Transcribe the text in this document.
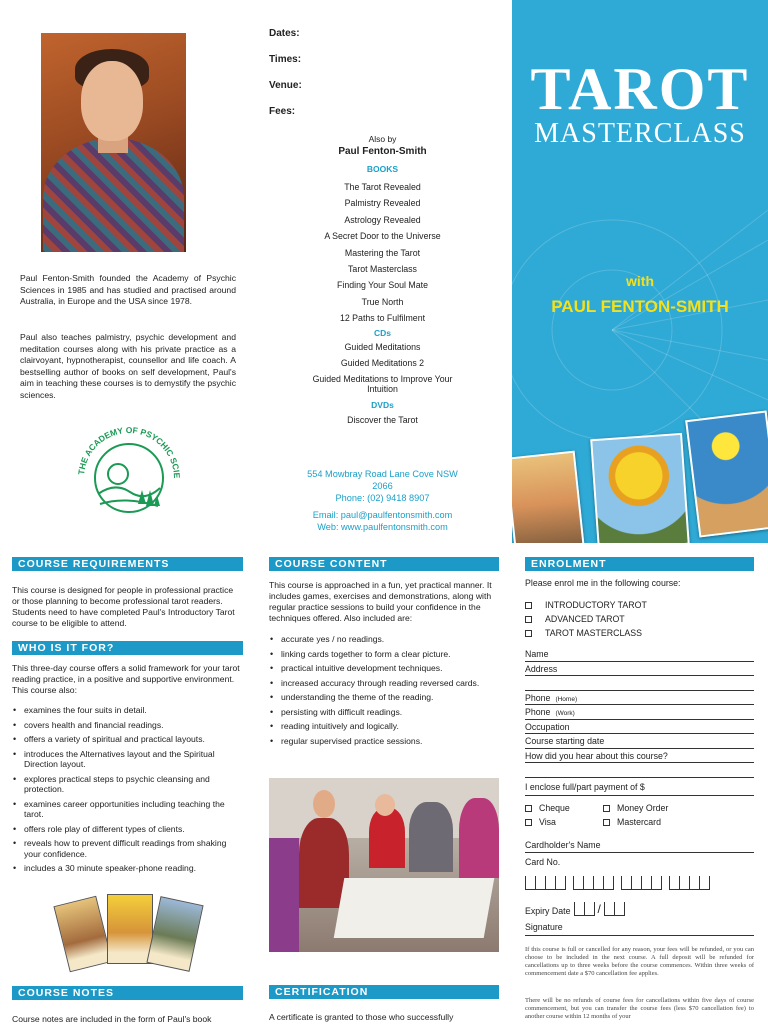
Paul Fenton-Smith founded the Academy of Psychic Sciences in 1985 and has studied and practised around Australia, in Europe and the USA since 1978.

Paul also teaches palmistry, psychic development and meditation courses along with his private practice as a clairvoyant, hypnotherapist, counsellor and life coach. A bestselling author of books on self development, Paul's aim in teaching these courses is to demystify the psychic sciences.

THE ACADEMY OF PSYCHIC SCIE
Dates:
Times:
Venue:
Fees:
Also by
Paul Fenton-Smith
BOOKS
The Tarot Revealed
Palmistry Revealed
Astrology Revealed
A Secret Door to the Universe
Mastering the Tarot
Tarot Masterclass
Finding Your Soul Mate
True North
12 Paths to Fulfilment
CDs
Guided Meditations
Guided Meditations 2
Guided Meditations to Improve Your Intuition
DVDs
Discover the Tarot
554 Mowbray Road Lane Cove NSW 2066
Phone: (02) 9418 8907
Email: paul@paulfentonsmith.com
Web: www.paulfentonsmith.com
TAROT
MASTERCLASS
with
PAUL FENTON-SMITH
COURSE REQUIREMENTS

This course is designed for people in professional practice or those planning to become professional tarot readers. Students need to have completed Paul's Introductory Tarot course to be eligible to attend.

WHO IS IT FOR?

This three-day course offers a solid framework for your tarot reading practice, in a positive and supportive environment. This course also:

• examines the four suits in detail.
• covers health and financial readings.
• offers a variety of spiritual and practical layouts.
• introduces the Alternatives layout and the Spiritual Direction layout.
• explores practical steps to psychic cleansing and protection.
• examines career opportunities including teaching the tarot.
• offers role play of different types of clients.
• reveals how to prevent difficult readings from shaking your confidence.
• includes a 30 minute speaker-phone reading.
COURSE NOTES

Course notes are included in the form of Paul's book

COURSE CONTENT

This course is approached in a fun, yet practical manner. It includes games, exercises and demonstrations, along with regular practice sessions to build your confidence in the techniques offered. Also included are:

• accurate yes / no readings.
• linking cards together to form a clear picture.
• practical intuitive development techniques.
• increased accuracy through reading reversed cards.
• understanding the theme of the reading.
• persisting with difficult readings.
• reading intuitively and logically.
• regular supervised practice sessions.
CERTIFICATION

A certificate is granted to those who successfully

ENROLMENT
Please enrol me in the following course:
INTRODUCTORY TAROT
ADVANCED TAROT
TAROT MASTERCLASS
Name
Address
Phone (Home)
Phone (Work)
Occupation
Course starting date
How did you hear about this course?
I enclose full/part payment of $
Cheque	Money Order
Visa	Mastercard
Cardholder's Name
Card No.
Expiry Date /
Signature

If this course is full or cancelled for any reason, your fees will be refunded, or you can choose to be included in the next course. A full deposit will be refunded for cancellations up to three weeks before the course commences. Within three weeks of commencement date a $70 cancellation fee applies.

There will be no refunds of course fees for cancellations within five days of course commencement, but you can transfer the course fees (less $70 cancellation fee) to another course within 12 months of your
